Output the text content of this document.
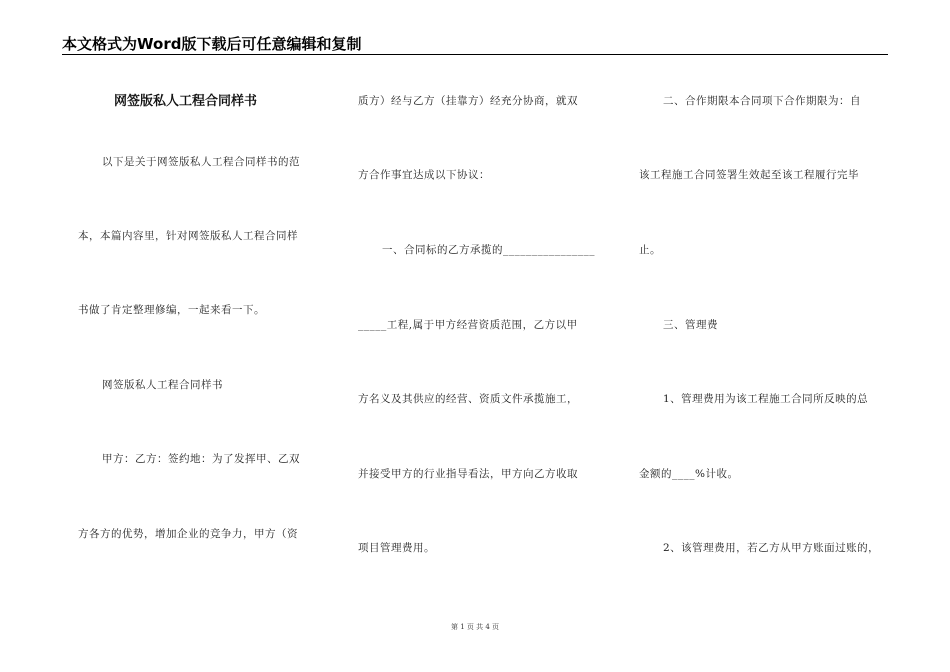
本文格式为Word版下载后可任意编辑和复制
网签版私人工程合同样书
以下是关于网签版私人工程合同样书的范
本，本篇内容里，针对网签版私人工程合同样
书做了肯定整理修编，一起来看一下。
网签版私人工程合同样书
甲方：乙方：签约地：为了发挥甲、乙双
方各方的优势，增加企业的竞争力，甲方（资
质方）经与乙方（挂靠方）经充分协商，就双
方合作事宜达成以下协议：
一、合同标的乙方承揽的________________
_____工程,属于甲方经营资质范围，乙方以甲
方名义及其供应的经营、资质文件承揽施工，
并接受甲方的行业指导看法，甲方向乙方收取
项目管理费用。
二、合作期限本合同项下合作期限为：自
该工程施工合同签署生效起至该工程履行完毕
止。
三、管理费
1、管理费用为该工程施工合同所反映的总
金额的____%计收。
2、该管理费用，若乙方从甲方账面过账的，
第 1 页 共 4 页
